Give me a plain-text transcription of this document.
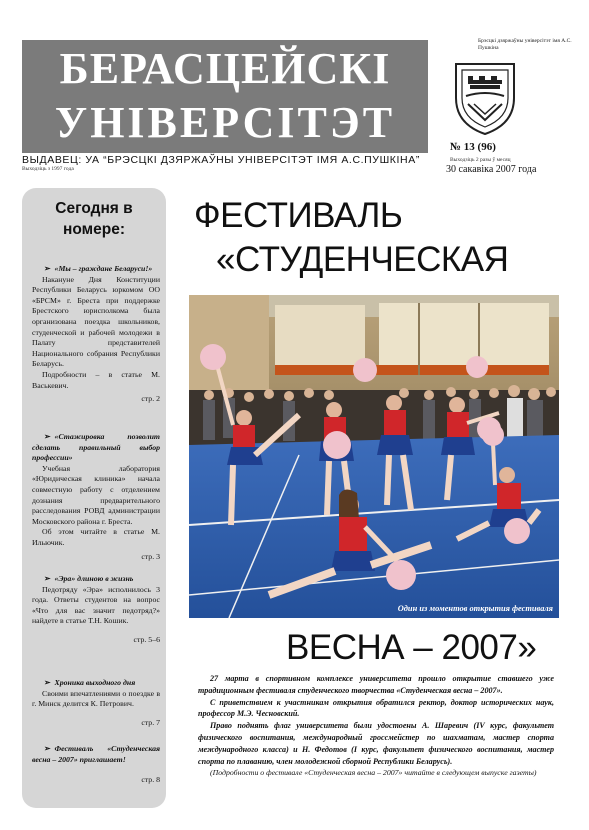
БЕРАСЦЕЙСКІ
УНІВЕРСІТЭТ
ВЫДАВЕЦ: УА “БРЭСЦКІ ДЗЯРЖАЎНЫ УНІВЕРСІТЭТ ІМЯ А.С.ПУШКІНА”
Выходзіць з 1997 года
Брэсцкі дзяржаўны універсітэт імя А.С. Пушкіна
№ 13 (96)
Выходзіць 2 разы ў месяц
30 сакавіка 2007 года
Сегодня в номере:
➢ «Мы – граждане Беларуси!»
Накануне Дня Конституции Республики Беларусь юркомом ОО «БРСМ» г. Бреста при поддержке Брестского юрисполкома была организована поездка школьников, студенческой и рабочей молодежи в Палату представителей Национального собрания Республики Беларусь.
Подробности – в статье М. Васькевич.
стр. 2
➢ «Стажировка позволит сделать правильный выбор профессии»
Учебная лаборатория «Юридическая клиника» начала совместную работу с отделением дознания предварительного расследования РОВД администрации Московского района г. Бреста.
Об этом читайте в статье М. Ильючик.
стр. 3
➢ «Эра» длиною в жизнь
Педотряду «Эра» исполнилось 3 года. Ответы студентов на вопрос «Что для вас значит педотряд?» найдете в статье Т.Н. Кошик.
стр. 5–6
➢ Хроника выходного дня
Своими впечатлениями о поездке в г. Минск делится К. Петрович.
стр. 7
➢ Фестиваль «Студенческая весна – 2007» приглашает!
стр. 8
ФЕСТИВАЛЬ
«СТУДЕНЧЕСКАЯ
Один из моментов открытия фестиваля
ВЕСНА – 2007»

27 марта в спортивном комплексе университета прошло открытие ставшего уже традиционным фестиваля студенческого творчества «Студенческая весна – 2007».

С приветствием к участникам открытия обратился ректор, доктор исторических наук, профессор М.Э. Чесновский.

Право поднять флаг университета были удостоены А. Шаревич (IV курс, факультет физического воспитания, международный гроссмейстер по шахматам, мастер спорта международного класса) и Н. Федотов (I курс, факультет физического воспитания, мастер спорта по плаванию, член молодежной сборной Республики Беларусь).

(Подробности о фестивале «Студенческая весна – 2007» читайте в следующем выпуске газеты)
